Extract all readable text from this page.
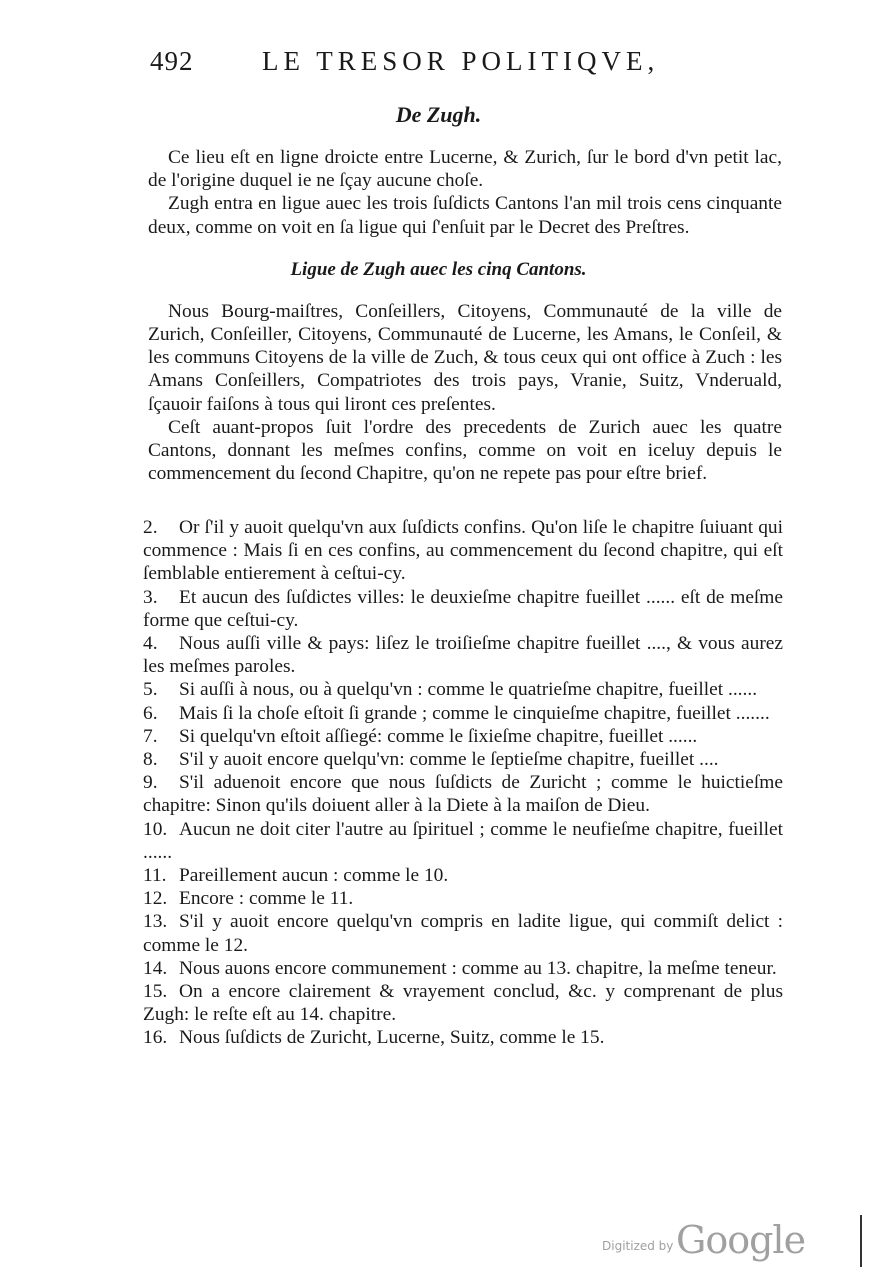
492	LE TRESOR POLITIQVE,
De Zugh.

Ce lieu eſt en ligne droicte entre Lucerne, & Zurich, ſur le bord d'vn petit lac, de l'origine duquel ie ne ſçay aucune choſe.

Zugh entra en ligue auec les trois ſuſdicts Cantons l'an mil trois cens cinquante deux, comme on voit en ſa ligue qui ſ'enſuit par le Decret des Preſtres.

Nous Bourg-maiſtres, Conſeillers, Citoyens, Communauté de la ville de Zurich, Conſeiller, Citoyens, Communauté de Lucerne, les Amans, le Conſeil, & les communs Citoyens de la ville de Zuch, & tous ceux qui ont office à Zuch : les Amans Conſeillers, Compatriotes des trois pays, Vranie, Suitz, Vnderuald, ſçauoir faiſons à tous qui liront ces preſentes.

Ceſt auant-propos ſuit l'ordre des precedents de Zurich auec les quatre Cantons, donnant les meſmes confins, comme on voit en iceluy depuis le commencement du ſecond Chapitre, qu'on ne repete pas pour eſtre brief.

Ligue de Zugh auec les cinq Cantons.

2. Or ſ'il y auoit quelqu'vn aux ſuſdicts confins. Qu'on liſe le chapitre ſuiuant qui commence : Mais ſi en ces confins, au commencement du ſecond chapitre, qui eſt ſemblable entierement à ceſtui-cy.

3. Et aucun des ſuſdictes villes: le deuxieſme chapitre fueillet ...... eſt de meſme forme que ceſtui-cy.

4. Nous auſſi ville & pays: liſez le troiſieſme chapitre fueillet ...., & vous aurez les meſmes paroles.

5. Si auſſi à nous, ou à quelqu'vn : comme le quatrieſme chapitre, fueillet ......

6. Mais ſi la choſe eſtoit ſi grande ; comme le cinquieſme chapitre, fueillet .......

7. Si quelqu'vn eſtoit aſſiegé: comme le ſixieſme chapitre, fueillet ......

8. S'il y auoit encore quelqu'vn: comme le ſeptieſme chapitre, fueillet ....

9. S'il aduenoit encore que nous ſuſdicts de Zuricht ; comme le huictieſme chapitre: Sinon qu'ils doiuent aller à la Diete à la maiſon de Dieu.

10. Aucun ne doit citer l'autre au ſpirituel ; comme le neufieſme chapitre, fueillet ......

11. Pareillement aucun : comme le 10.

12. Encore : comme le 11.

13. S'il y auoit encore quelqu'vn compris en ladite ligue, qui commiſt delict : comme le 12.

14. Nous auons encore communement : comme au 13. chapitre, la meſme teneur.

15. On a encore clairement & vrayement conclud, &c. y comprenant de plus Zugh: le reſte eſt au 14. chapitre.

16. Nous ſuſdicts de Zuricht, Lucerne, Suitz, comme le 15.

Digitized by Google
